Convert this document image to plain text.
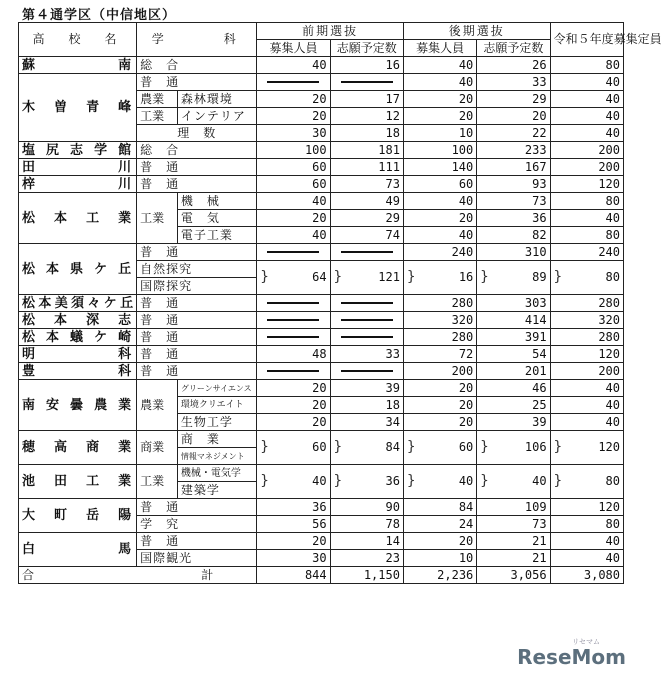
第４通学区（中信地区）
高　校　名	学　　　科		前期選抜		後期選抜		令和５年度募集定員
			募集人員	志願予定数	募集人員	志願予定数	
蘇南	総　合		40	16	40	26	80
木曽青峰	普　通				40	33	40
	農業	森林環境	20	17	20	29	40
	工業	インテリア	20	12	20	20	40
	理　数		30	18	10	22	40
塩尻志学館	総　合		100	181	100	233	200
田川	普　通		60	111	140	167	200
梓川	普　通		60	73	60	93	120
松本工業	工業	機　械	40	49	40	73	80
		電　気	20	29	20	36	40
		電子工業	40	74	40	82	80
松本県ケ丘	普　通				240	310	240
	自然探究		} 64	} 121	} 16	} 89	} 80
	国際探究						
松本美須々ケ丘	普　通				280	303	280
松本深志	普　通				320	414	320
松本蟻ケ崎	普　通				280	391	280
明科	普　通		48	33	72	54	120
豊科	普　通				200	201	200
南安曇農業	農業	グリーンサイエンス	20	39	20	46	40
		環境クリエイト	20	18	20	25	40
		生物工学	20	34	20	39	40
穂高商業	商業	商　業	} 60	} 84	} 60	} 106	} 120
		情報マネジメント					
池田工業	工業	機械・電気学	} 40	} 36	} 40	} 40	} 80
		建築学					
大町岳陽	普　通		36	90	84	109	120
	学　究		56	78	24	73	80
白馬	普　通		20	14	20	21	40
	国際観光		30	23	10	21	40
合計			844	1,150	2,236	3,056	3,080
リセマム
ReseMom
